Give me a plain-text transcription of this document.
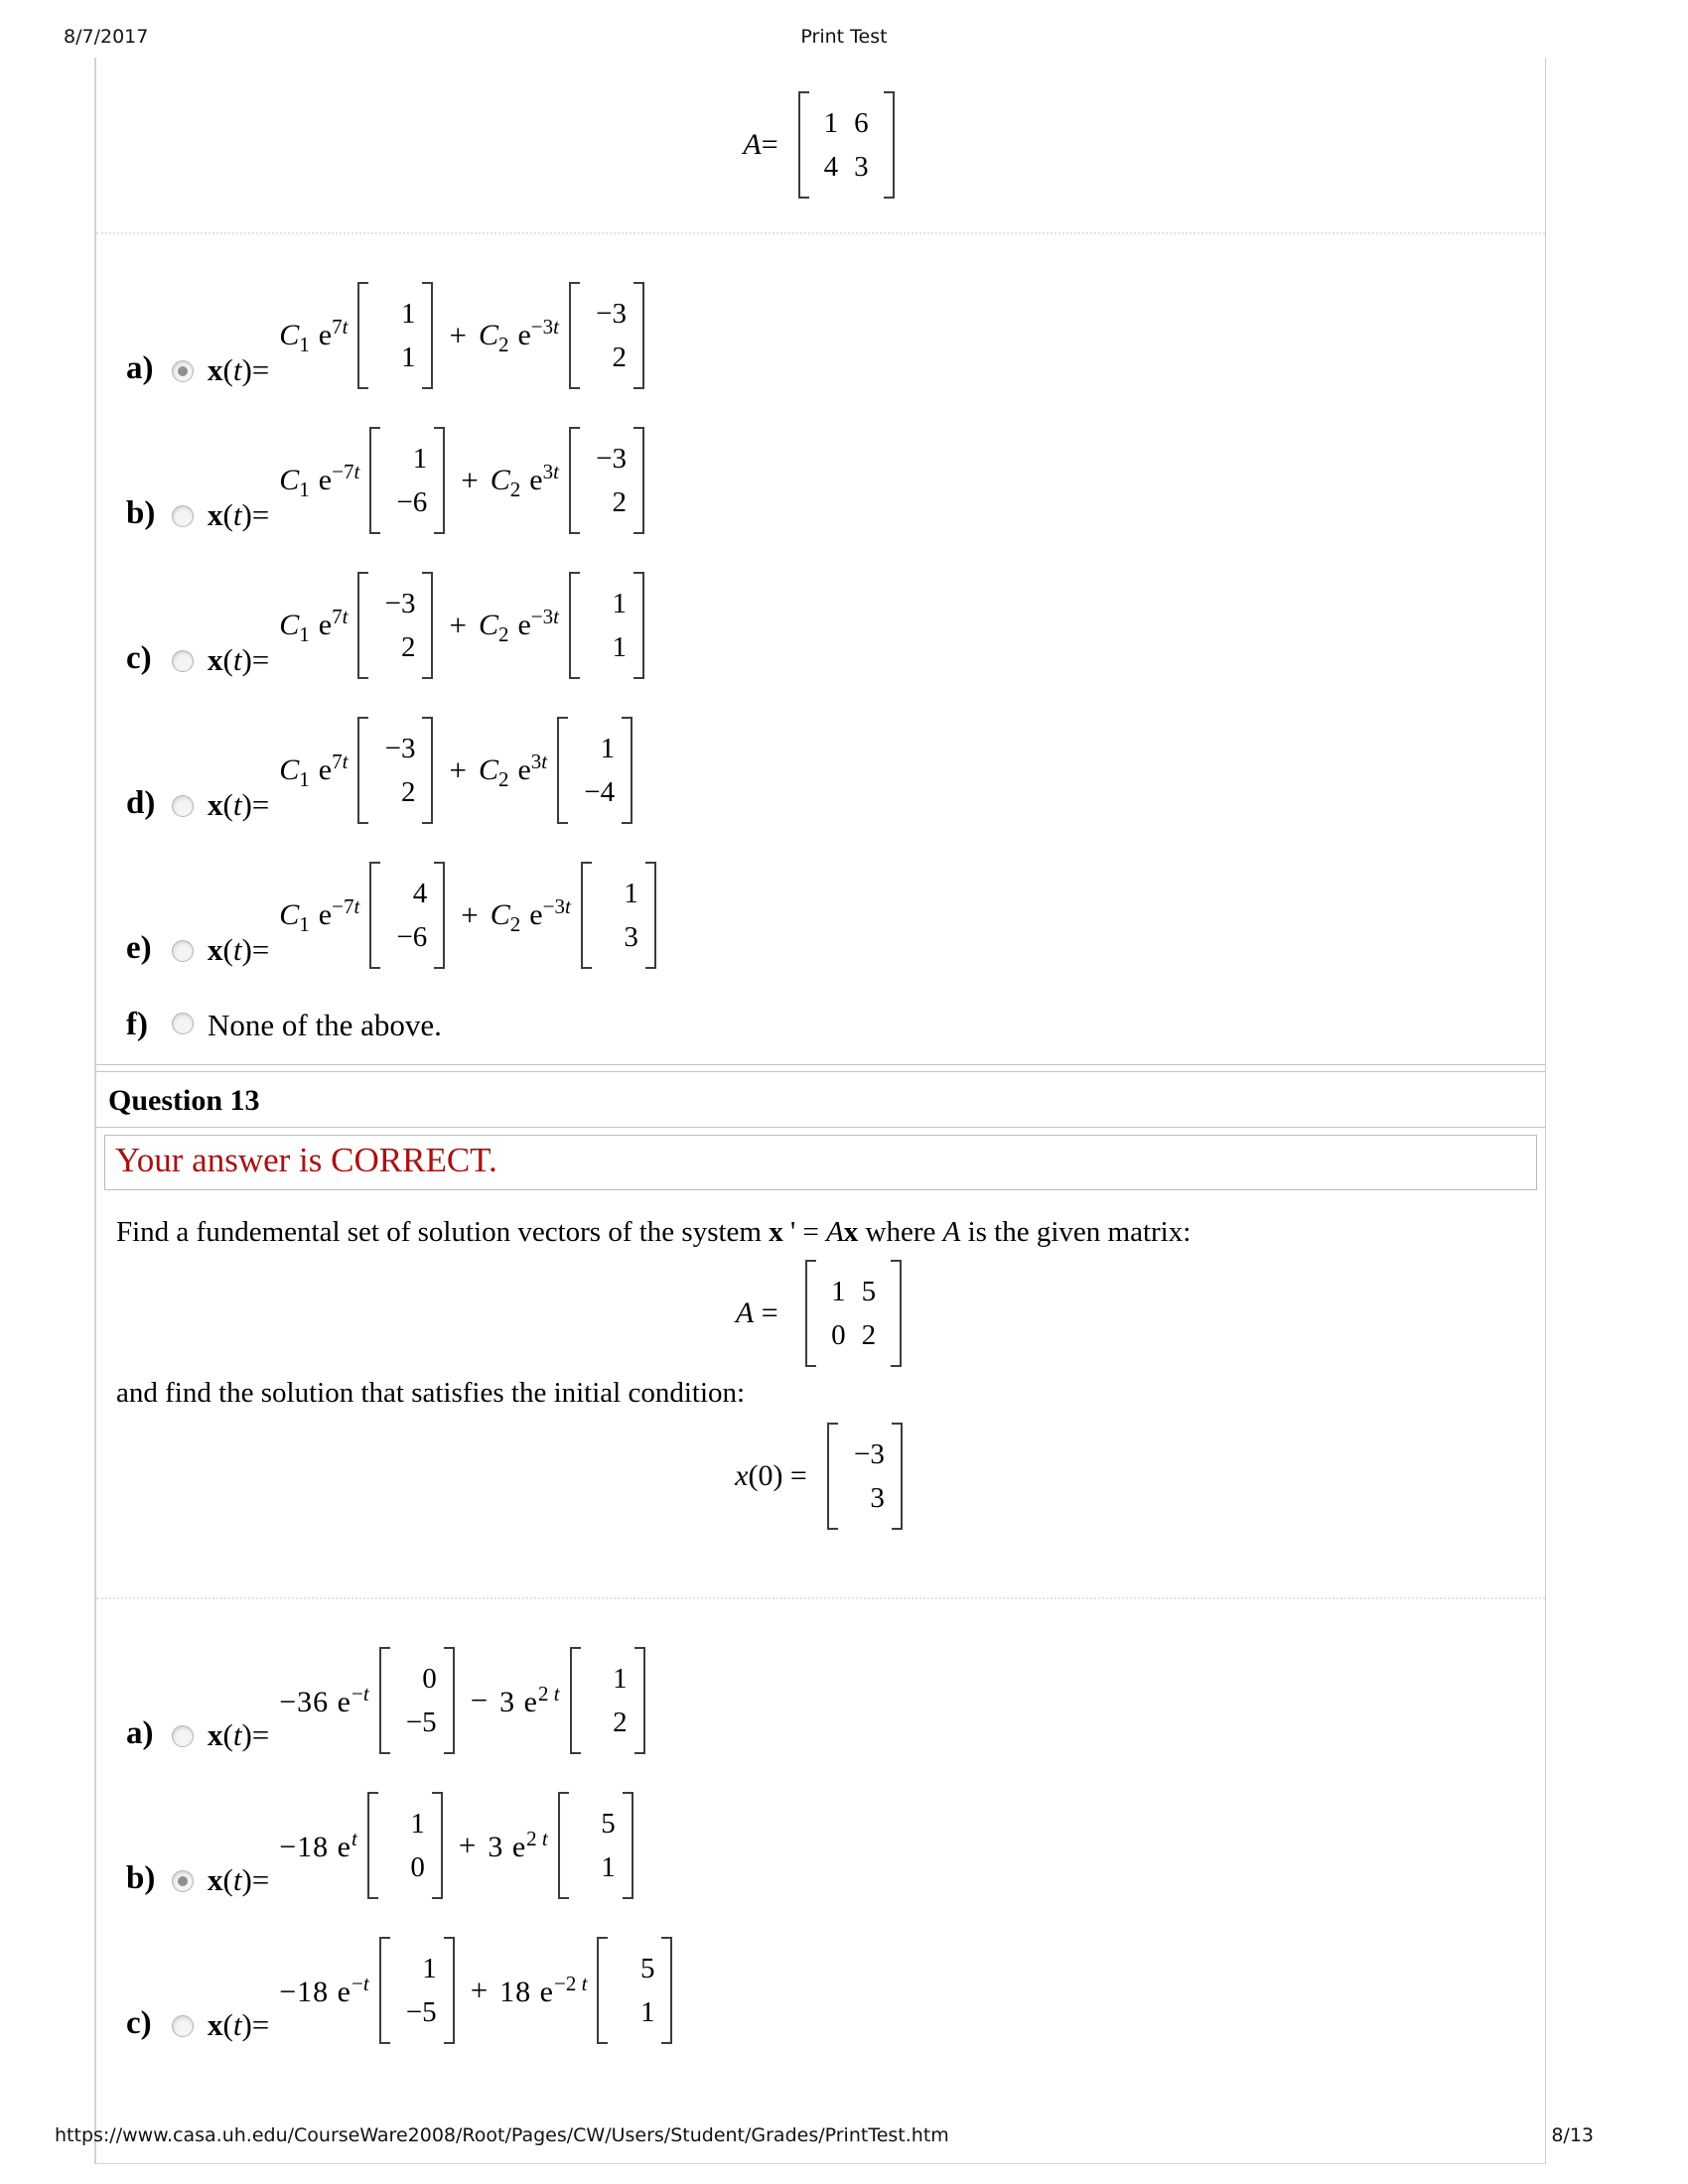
8/7/2017	Print Test
A=
1 6
4 3
a)	x(t)=
$C_1$ $e^{7t}$	1
1
+ $C_2$ $e^{-3t}$	−3
2
b)	x(t)=
$C_1$ $e^{-7t}$	1
−6
+ $C_2$ $e^{3t}$	−3
2
c)	x(t)=
$C_1$ $e^{7t}$	−3
2
+ $C_2$ $e^{-3t}$	1
1
d)	x(t)=
$C_1$ $e^{7t}$	−3
2
+ $C_2$ $e^{3t}$	1
−4
e)	x(t)=
$C_1$ $e^{-7t}$	4
−6
+ $C_2$ $e^{-3t}$	1
3
f)	None of the above.
Question 13
Your answer is CORRECT.
Find a fundemental set of solution vectors of the system x ' = Ax where A is the given matrix:
A =
1 5
0 2
and find the solution that satisfies the initial condition:
x(0) =
−3
3
a)	x(t)=
−36 $e^{-t}$	0
−5
− 3 $e^{2 t}$	1
2
b)	x(t)=
−18 $e^t$	1
0
+ 3 $e^{2 t}$	5
1
c)	x(t)=
−18 $e^{-t}$	1
−5
+ 18 $e^{-2 t}$	5
1
https://www.casa.uh.edu/CourseWare2008/Root/Pages/CW/Users/Student/Grades/PrintTest.htm	8/13
